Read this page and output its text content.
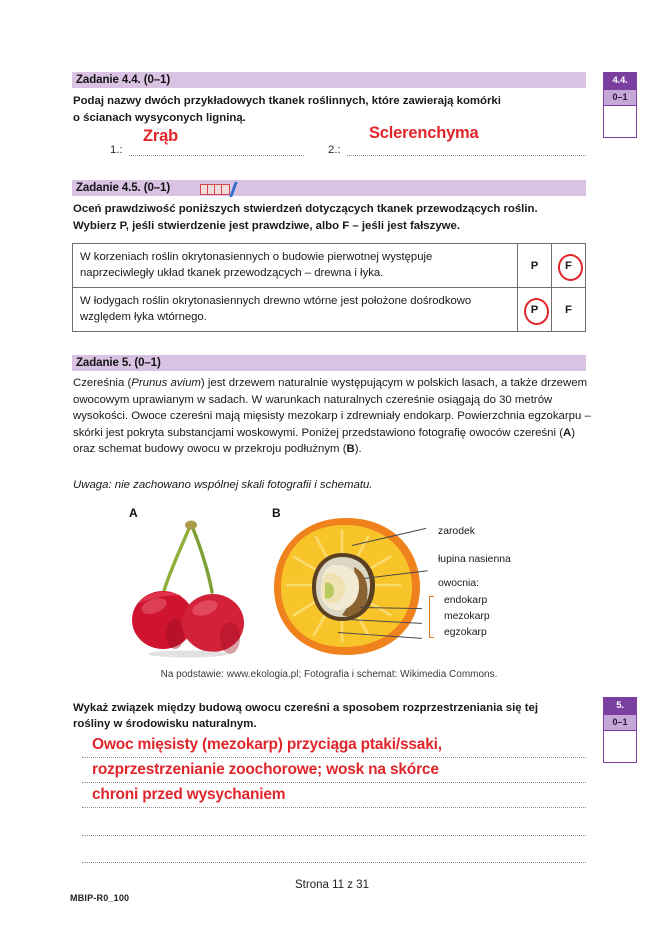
Zadanie 4.4. (0–1)
Podaj nazwy dwóch przykładowych tkanek roślinnych, które zawierają komórki
o ścianach wysyconych ligniną.
1.:
Zrąb
2.:
Sclerenchyma
4.4.
0–1
Zadanie 4.5. (0–1)
Oceń prawdziwość poniższych stwierdzeń dotyczących tkanek przewodzących roślin.
Wybierz P, jeśli stwierdzenie jest prawdziwe, albo F – jeśli jest fałszywe.
W korzeniach roślin okrytonasiennych o budowie pierwotnej występuje
naprzeciwległy układ tkanek przewodzących – drewna i łyka.	P	F
W łodygach roślin okrytonasiennych drewno wtórne jest położone dośrodkowo
względem łyka wtórnego.	P	F
Zadanie 5. (0–1)
Czereśnia (Prunus avium) jest drzewem naturalnie występującym w polskich lasach, a także drzewem owocowym uprawianym w sadach. W warunkach naturalnych czereśnie osiągają do 30 metrów wysokości. Owoce czereśni mają mięsisty mezokarp i zdrewniały endokarp. Powierzchnia egzokarpu – skórki jest pokryta substancjami woskowymi. Poniżej przedstawiono fotografię owoców czereśni (A) oraz schemat budowy owocu w przekroju podłużnym (B).
Uwaga: nie zachowano wspólnej skali fotografii i schematu.
A	B
zarodek
łupina nasienna
owocnia:
endokarp
mezokarp
egzokarp
Na podstawie: www.ekologia.pl; Fotografia i schemat: Wikimedia Commons.
Wykaż związek między budową owocu czereśni a sposobem rozprzestrzeniania się tej
rośliny w środowisku naturalnym.
5.
0–1
Owoc mięsisty (mezokarp) przyciąga ptaki/ssaki,
rozprzestrzenianie zoochorowe; wosk na skórce
chroni przed wysychaniem
MBIP-R0_100
Strona 11 z 31
